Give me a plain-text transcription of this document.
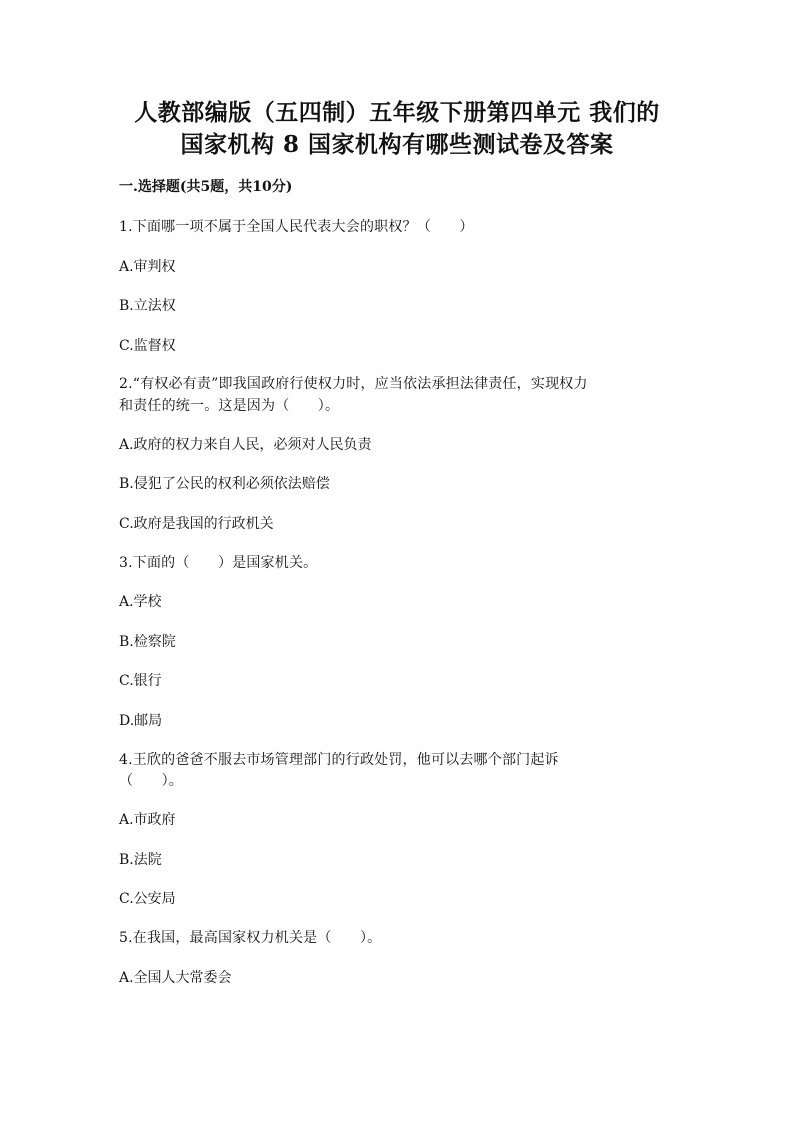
人教部编版（五四制）五年级下册第四单元 我们的
国家机构 8 国家机构有哪些测试卷及答案
一.选择题(共5题，共10分)
1.下面哪一项不属于全国人民代表大会的职权？（　　）
A.审判权
B.立法权
C.监督权
2.“有权必有责”即我国政府行使权力时，应当依法承担法律责任，实现权力
和责任的统一。这是因为（　　）。
A.政府的权力来自人民，必须对人民负责
B.侵犯了公民的权利必须依法赔偿
C.政府是我国的行政机关
3.下面的（　　）是国家机关。
A.学校
B.检察院
C.银行
D.邮局
4.王欣的爸爸不服去市场管理部门的行政处罚，他可以去哪个部门起诉
（　　）。
A.市政府
B.法院
C.公安局
5.在我国，最高国家权力机关是（　　）。
A.全国人大常委会
